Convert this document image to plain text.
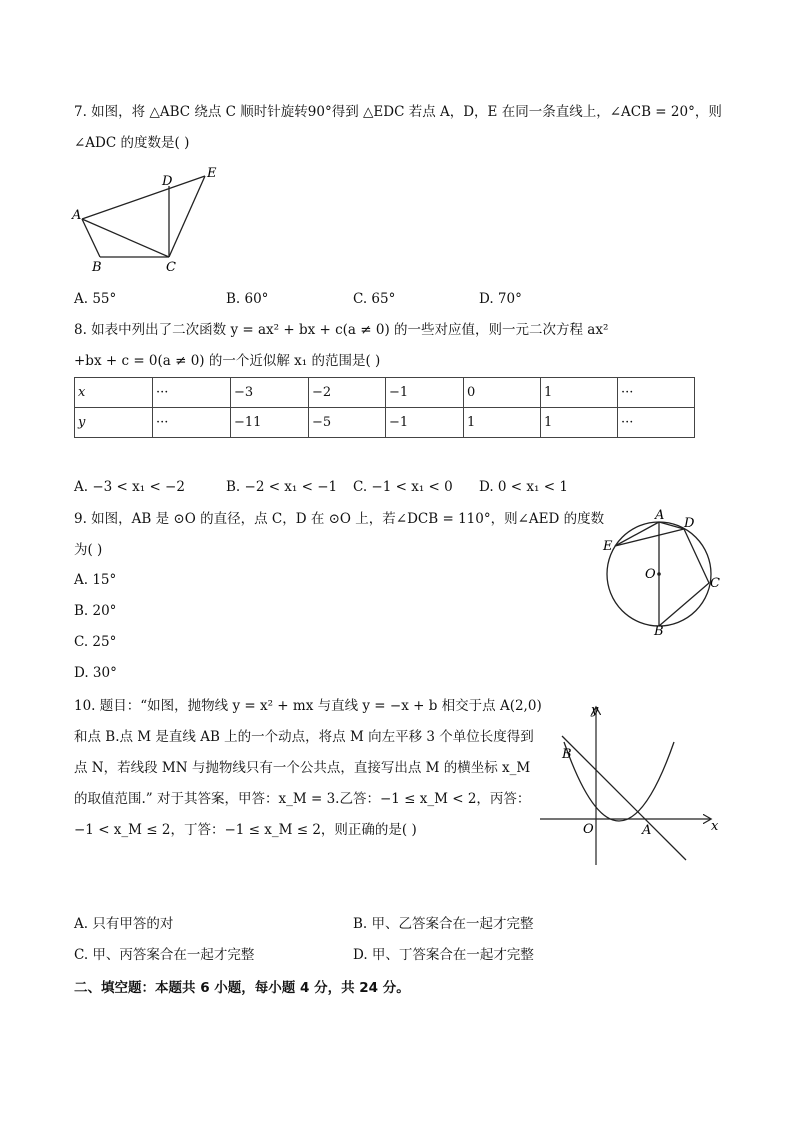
7. 如图，将 △ABC 绕点 C 顺时针旋转90°得到 △EDC 若点 A，D，E 在同一条直线上，∠ACB = 20°，则
∠ADC 的度数是( )
A
B	C
D
E
A. 55°	B. 60°	C. 65°	D. 70°
8. 如表中列出了二次函数 y = ax² + bx + c(a ≠ 0) 的一些对应值，则一元二次方程 ax²
+bx + c = 0(a ≠ 0) 的一个近似解 x₁ 的范围是( )
x	···	−3	−2	−1	0	1	···
y	···	−11	−5	−1	1	1	···
A. −3 < x₁ < −2	B. −2 < x₁ < −1 C. −1 < x₁ < 0 D. 0 < x₁ < 1
9. 如图，AB 是 ⊙O 的直径，点 C，D 在 ⊙O 上，若∠DCB = 110°，则∠AED 的度数
为( )
A
B
C
D
E
O
A. 15°
B. 20°
C. 25°
D. 30°
10. 题目：“如图，抛物线 y = x² + mx 与直线 y = −x + b 相交于点 A(2,0)
和点 B.点 M 是直线 AB 上的一个动点，将点 M 向左平移 3 个单位长度得到
点 N，若线段 MN 与抛物线只有一个公共点，直接写出点 M 的横坐标 x_M
的取值范围.” 对于其答案，甲答：x_M = 3.乙答：−1 ≤ x_M < 2，丙答：
−1 < x_M ≤ 2，丁答：−1 ≤ x_M ≤ 2，则正确的是( )
y
x
O	A
B
A. 只有甲答的对	B. 甲、乙答案合在一起才完整
C. 甲、丙答案合在一起才完整	D. 甲、丁答案合在一起才完整
二、填空题：本题共 6 小题，每小题 4 分，共 24 分。
